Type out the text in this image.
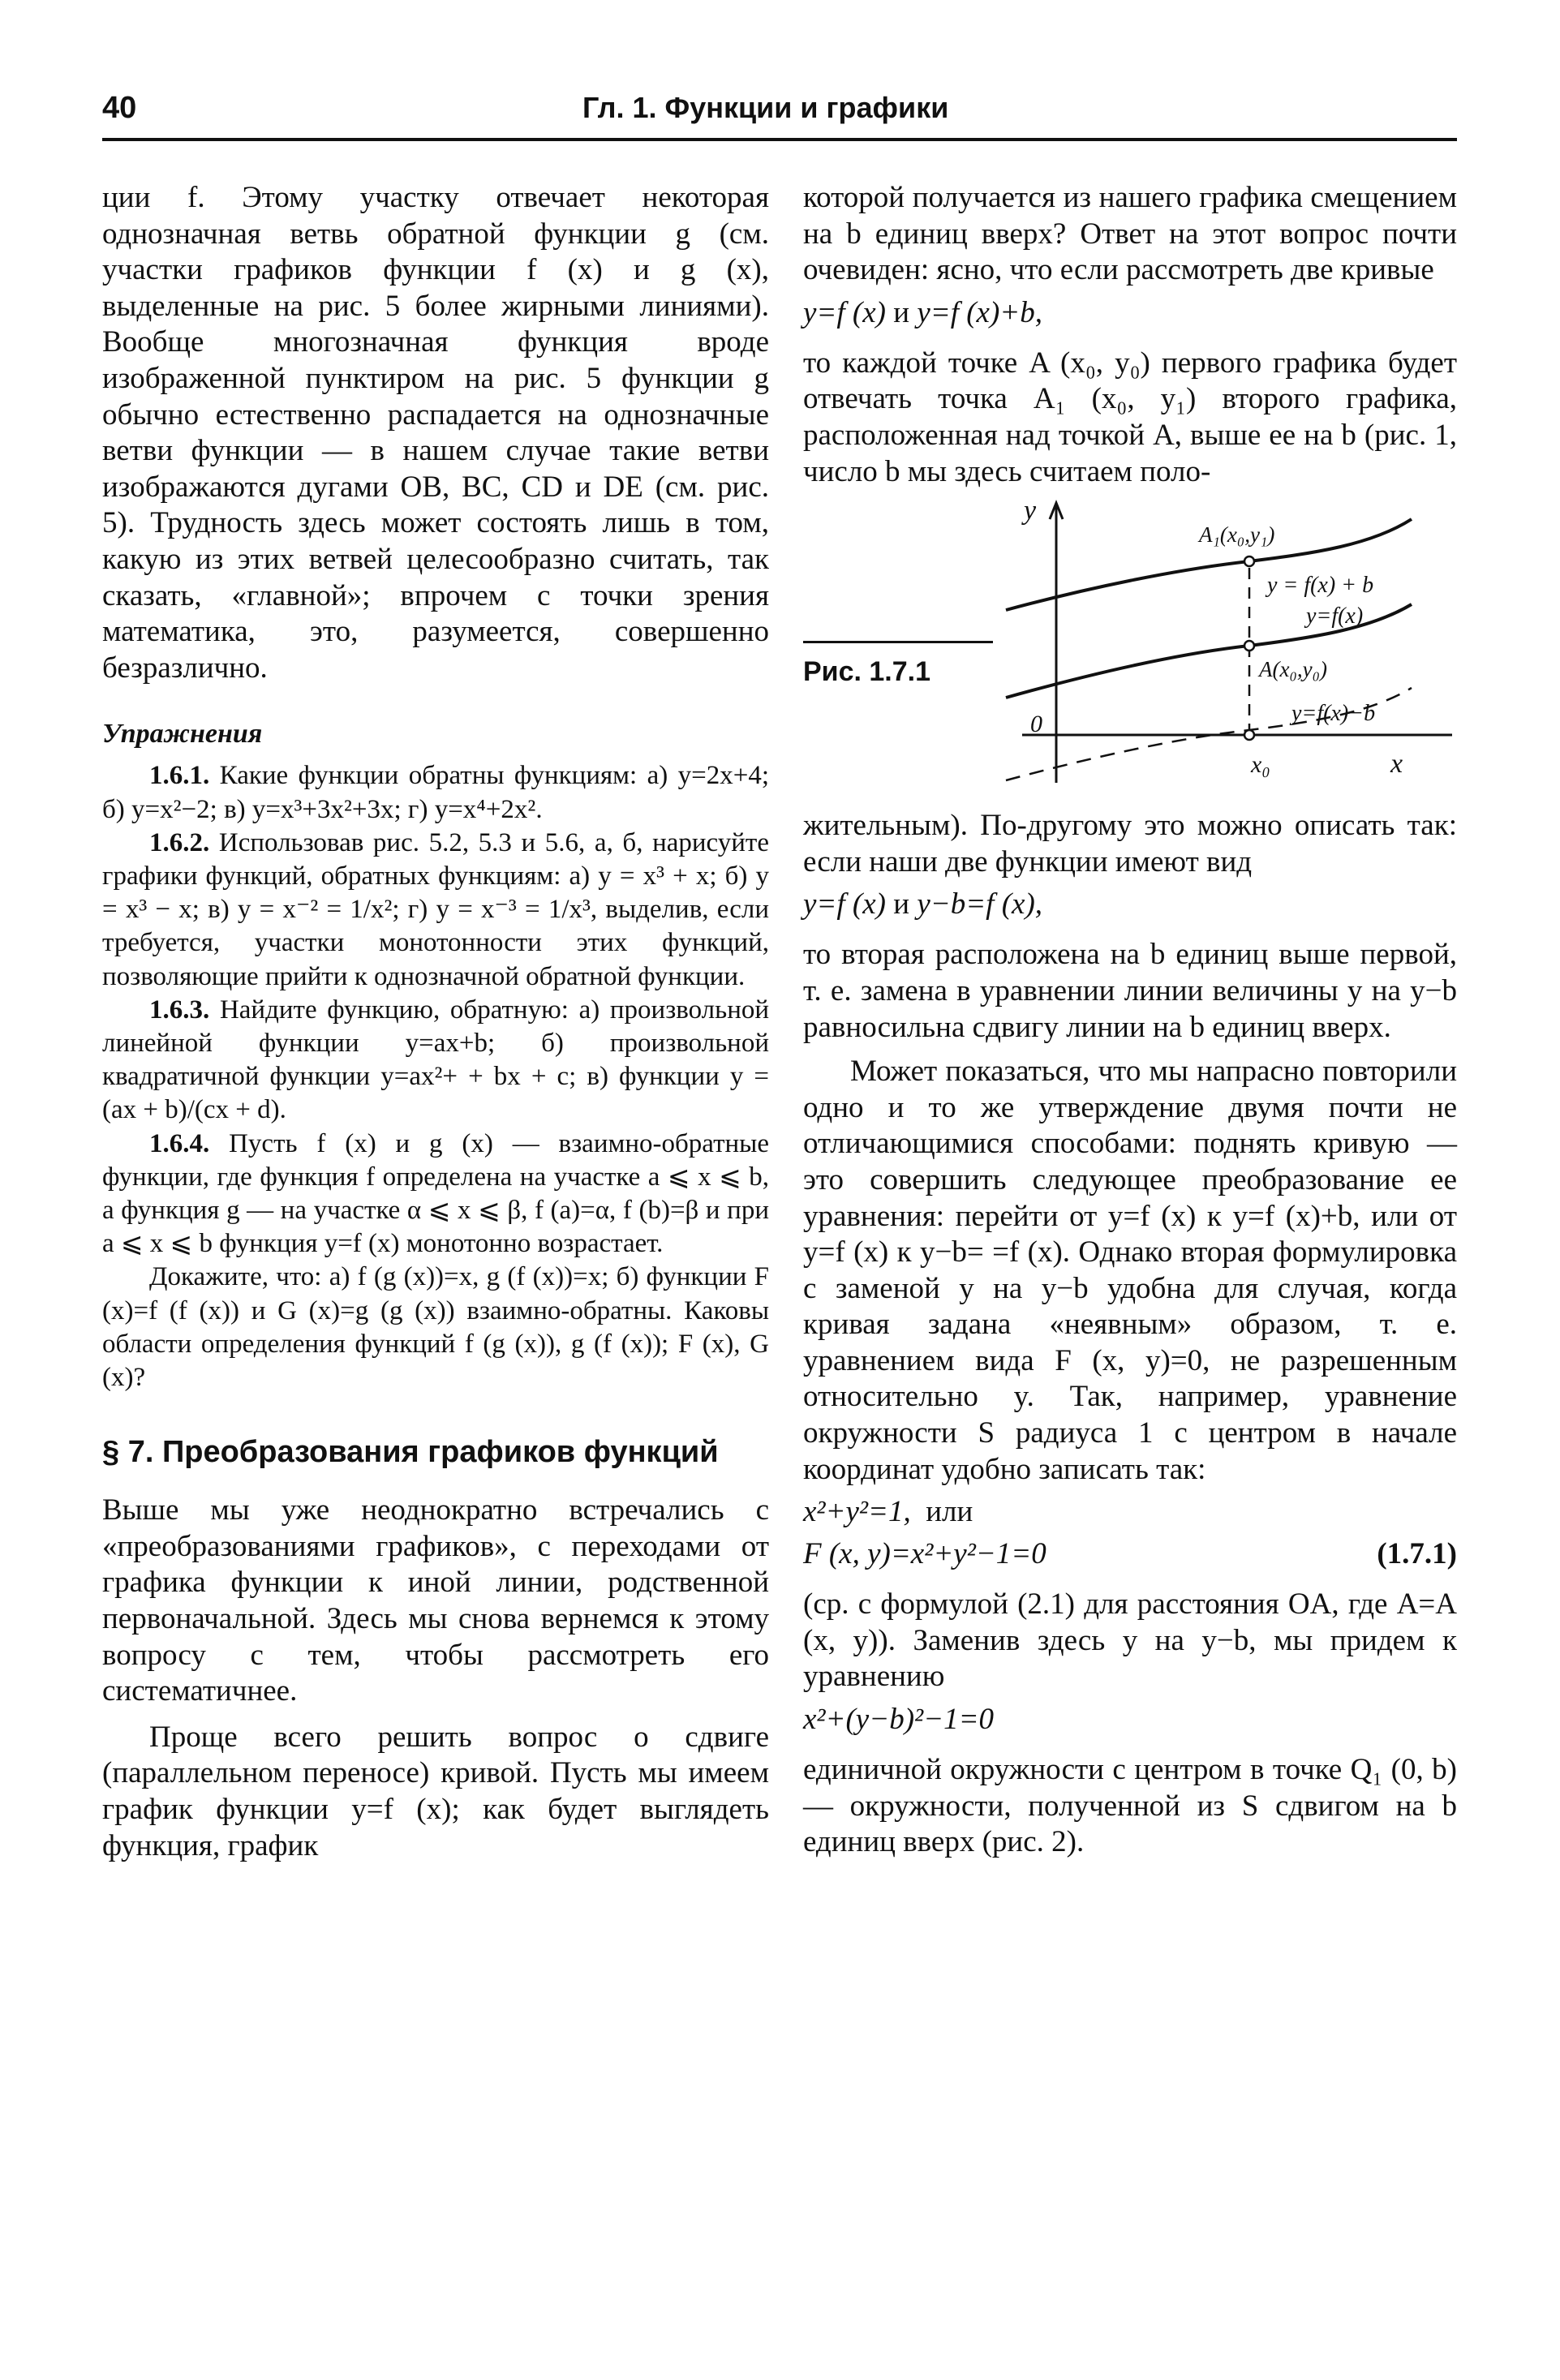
40	Гл. 1. Функции и графики

ции f. Этому участку отвечает некоторая однозначная ветвь обратной функции g (см. участки графиков функции f (x) и g (x), выделенные на рис. 5 более жирными линиями). Вообще многозначная функция вроде изображенной пунктиром на рис. 5 функции g обычно естественно распадается на однозначные ветви функции — в нашем случае такие ветви изображаются дугами OB, BC, CD и DE (см. рис. 5). Трудность здесь может состоять лишь в том, какую из этих ветвей целесообразно считать, так сказать, «главной»; впрочем с точки зрения математика, это, разумеется, совершенно безразлично.

Упражнения

1.6.1. Какие функции обратны функциям: а) y=2x+4; б) y=x²−2; в) y=x³+3x²+3x; г) y=x⁴+2x².

1.6.2. Использовав рис. 5.2, 5.3 и 5.6, а, б, нарисуйте графики функций, обратных функциям: а) y = x³ + x; б) y = x³ − x; в) y = x⁻² = 1/x²; г) y = x⁻³ = 1/x³, выделив, если требуется, участки монотонности этих функций, позволяющие прийти к однозначной обратной функции.

1.6.3. Найдите функцию, обратную: а) произвольной линейной функции y=ax+b; б) произвольной квадратичной функции y=ax²+ + bx + c; в) функции y = (ax + b)/(cx + d).

1.6.4. Пусть f (x) и g (x) — взаимно-обратные функции, где функция f определена на участке a ⩽ x ⩽ b, а функция g — на участке α ⩽ x ⩽ β, f (a)=α, f (b)=β и при a ⩽ x ⩽ b функция y=f (x) монотонно возрастает.

Докажите, что: а) f (g (x))=x, g (f (x))=x; б) функции F (x)=f (f (x)) и G (x)=g (g (x)) взаимно-обратны. Каковы области определения функций f (g (x)), g (f (x)); F (x), G (x)?

§ 7. Преобразования графиков функций

Выше мы уже неоднократно встречались с «преобразованиями графиков», с переходами от графика функции к иной линии, родственной первоначальной. Здесь мы снова вернемся к этому вопросу с тем, чтобы рассмотреть его систематичнее.

Проще всего решить вопрос о сдвиге (параллельном переносе) кривой. Пусть мы имеем график функции y=f (x); как будет выглядеть функция, график

которой получается из нашего графика смещением на b единиц вверх? Ответ на этот вопрос почти очевиден: ясно, что если рассмотреть две кривые

y=f (x) и y=f (x)+b,

то каждой точке A (x₀, y₀) первого графика будет отвечать точка A₁ (x₀, y₁) второго графика, расположенная над точкой A, выше ее на b (рис. 1, число b мы здесь считаем поло-

Рис. 1.7.1
y
0
x₀	x
A₁(x₀,y₁)
A(x₀,y₀)
y = f(x) + b
y=f(x)
y=f(x)−b

жительным). По-другому это можно описать так: если наши две функции имеют вид

y=f (x) и y−b=f (x),

то вторая расположена на b единиц выше первой, т. е. замена в уравнении линии величины y на y−b равносильна сдвигу линии на b единиц вверх.

Может показаться, что мы напрасно повторили одно и то же утверждение двумя почти не отличающимися способами: поднять кривую — это совершить следующее преобразование ее уравнения: перейти от y=f (x) к y=f (x)+b, или от y=f (x) к y−b= =f (x). Однако вторая формулировка с заменой y на y−b удобна для случая, когда кривая задана «неявным» образом, т. е. уравнением вида F (x, y)=0, не разрешенным относительно y. Так, например, уравнение окружности S радиуса 1 с центром в начале координат удобно записать так:

x²+y²=1, или
F (x, y)=x²+y²−1=0	(1.7.1)

(ср. с формулой (2.1) для расстояния OA, где A=A (x, y)). Заменив здесь y на y−b, мы придем к уравнению

x²+(y−b)²−1=0

единичной окружности с центром в точке Q₁ (0, b) — окружности, полученной из S сдвигом на b единиц вверх (рис. 2).
